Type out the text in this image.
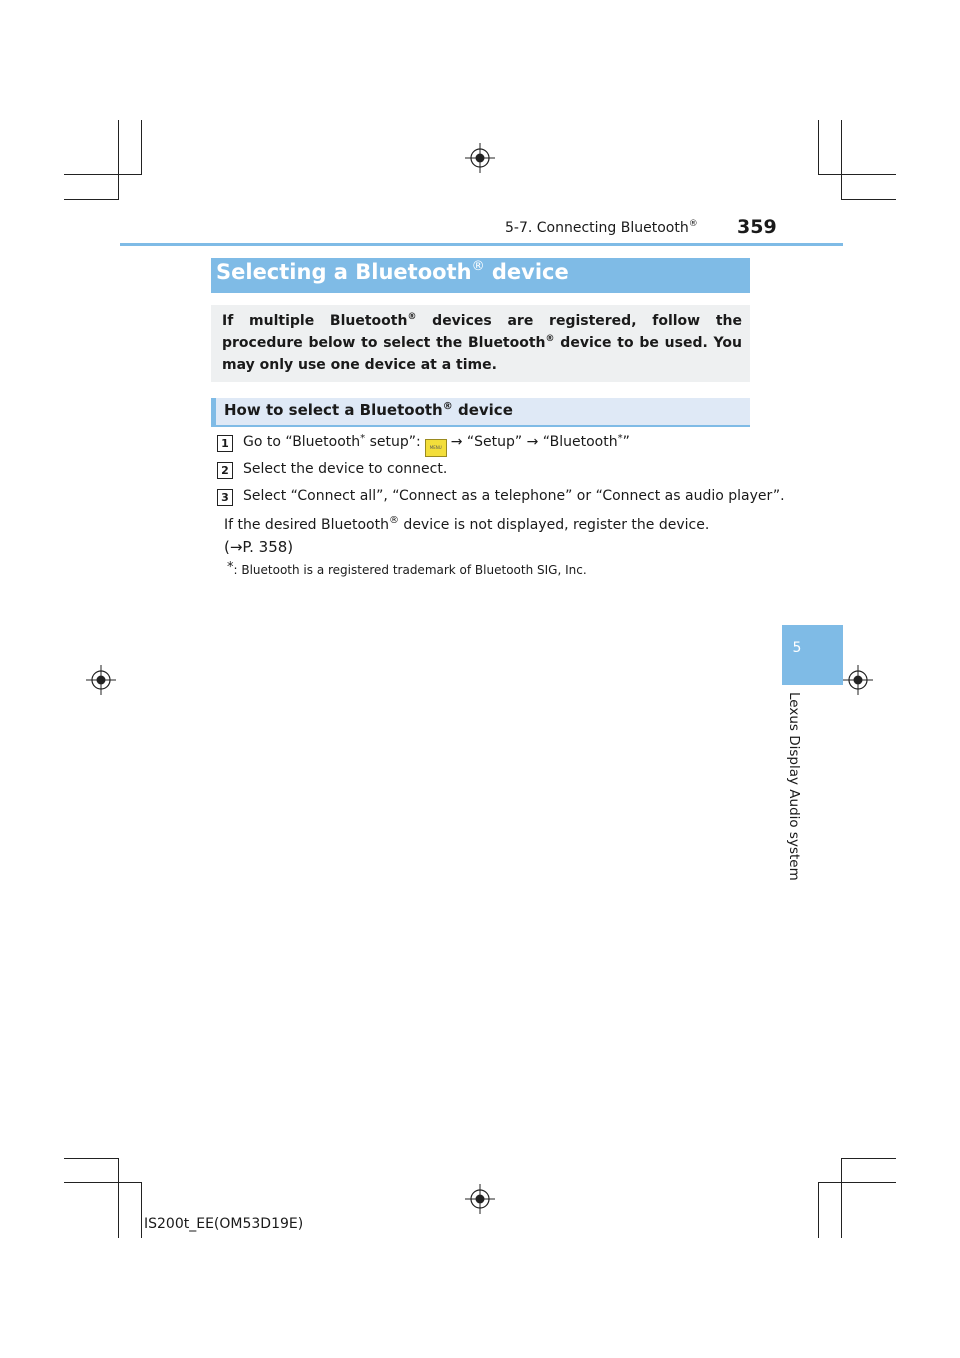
5-7. Connecting Bluetooth® 359
5
Lexus Display Audio system
Selecting a Bluetooth® device
If multiple Bluetooth® devices are registered, follow the procedure below to select the Bluetooth® device to be used. You may only use one device at a time.
How to select a Bluetooth® device
1 Go to “Bluetooth* setup”: MENU → “Setup” → “Bluetooth*”
2 Select the device to connect.
3 Select “Connect all”, “Connect as a telephone” or “Connect as audio player”.
If the desired Bluetooth® device is not displayed, register the device.
(→P. 358)
*: Bluetooth is a registered trademark of Bluetooth SIG, Inc.
IS200t_EE(OM53D19E)
